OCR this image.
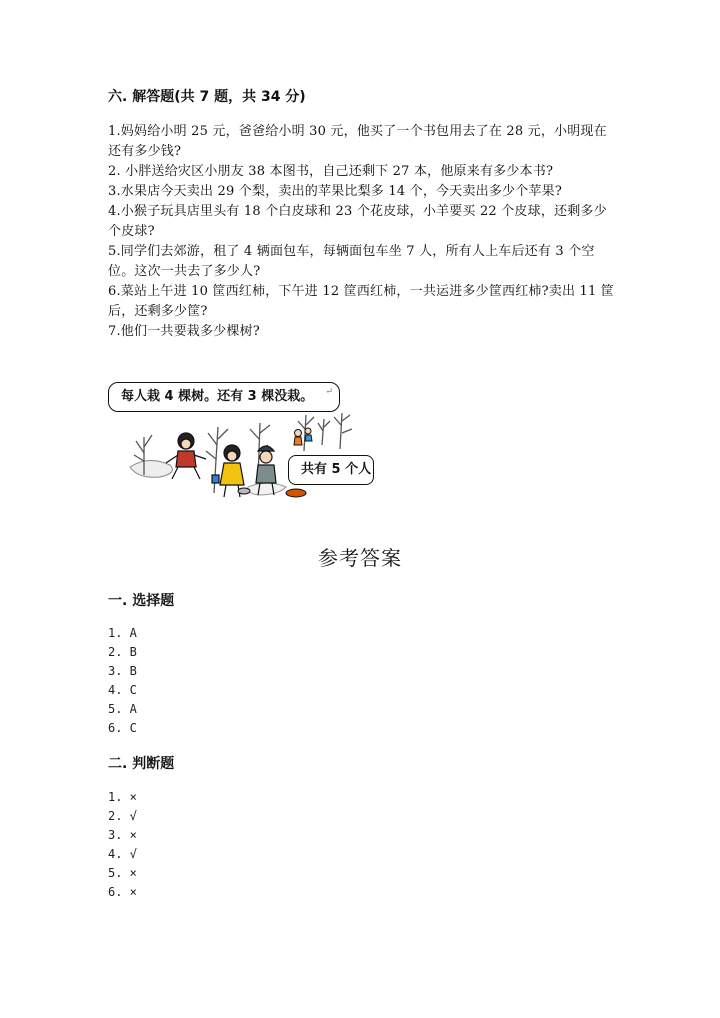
六. 解答题(共 7 题，共 34 分)
1.妈妈给小明 25 元，爸爸给小明 30 元，他买了一个书包用去了在 28 元，小明现在还有多少钱?
2. 小胖送给灾区小朋友 38 本图书，自己还剩下 27 本，他原来有多少本书?
3.水果店今天卖出 29 个梨，卖出的苹果比梨多 14 个，今天卖出多少个苹果?
4.小猴子玩具店里头有 18 个白皮球和 23 个花皮球，小羊要买 22 个皮球，还剩多少个皮球?
5.同学们去郊游，租了 4 辆面包车，每辆面包车坐 7 人，所有人上车后还有 3 个空位。这次一共去了多少人?
6.菜站上午进 10 筐西红柿，下午进 12 筐西红柿，一共运进多少筐西红柿?卖出 11 筐后，还剩多少筐?
7.他们一共要栽多少棵树?
每人栽 4 棵树。还有 3 棵没栽。 ↵
共有 5 个人
参考答案
一. 选择题
1. A
2. B
3. B
4. C
5. A
6. C
二. 判断题
1. ×
2. √
3. ×
4. √
5. ×
6. ×
